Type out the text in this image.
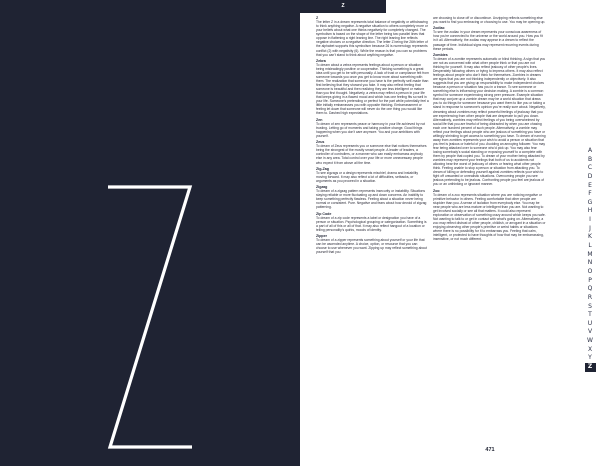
Z
Z
Z
The letter Z in a dream represents total balance of negativity or withdrawing to think anything negative. A negative situation to others completely more or your beliefs about what one thinks negatively for completely changed. The symbolism is based on the shape of the letter being two parallel lines that oppose in flattening a right leaning line. The right leaning line reflects negative choices or a negative direction. The letter Z being the 26th letter of the alphabet supports this symbolism because 26 is numerology represents conflict (2) with negativity (6). While the reason is that you can so problems that you can't stand to think about anything negative.
Zebra
To dream about a zebra represents feelings about a person or situation being misleadingly positive or cooperative. Thinking something is a great idea until you get to be with personally. A lack of trust or compliance felt from someone towards you once you get to know more about something with them. The realization that someone you have is the perfectly self-made than first believing that they showed you fake. It may also reflect feeling that someone is beautiful and then realizing they are less intelligent or mature than you first thought. Negatively, a zebra may reflect a person in your life that keeps giving in a flawed mood and which has one feeling fits so well in your life. Someone's pretending or perfect for the part while potentially feel a little initially embarrasses you with opposite thinking. Embarrassment or feeling let down that someone will never do the one thing you would like them to. Dashed high expectations.
Zen
To dream of zen represents peace or harmony in your life achieved by not trusting. Letting go of moments and taking positive change. Good things happening when you don't care anymore. You and your ambitions with yourself.
Zeus
To dream of Zeus represents you or someone else that notices themselves being the strongest of the mostly smart people. A leader of leaders, a controller of controllers, or a manner who can easily embarrass anybody else in any area. Total control over your life or more unnecessary people who expect it from above all the time.
Zig-Zag
To see zigzags or a design represents mischief, drama and instability moving forward. It may also reflect a lot of difficulties, setbacks, or arguments as you proceed in a situation.
Zigzag
To dream of a zigzag pattern represents insecurity or instability. Situations staying reliable or more fluctuating up and down concerns. An inability to keep something perfectly flawless. Feeling about a situation never being normal or consistent. Pure. Negative and fears about how devoid of zigzag patterning.
Zip Code
To dream of a zip code represents a label or designation you have of a person or situation. Psychological grouping or categorization. Something is a part of all of this or all of that. It may also reflect hangout of a location or telling personality's quirks, moods of identity.
Zipper
To dream of a zipper represents something about yourself or your life that can be ascended anytime. A choice, option, or resource that you can choose to use whenever you want. Zipping up may reflect something about yourself that you
are choosing to close off or discontinue. Unzipping reflects something else you want to find you embracing or choosing to use. You may be opening up.
Zodiac
To see the zodiac in your dream represents your conscious awareness of how you're connected to the universe or the world around you. How you fit in it all. Alternatively, the zodiac may appear in a dream to reflect the passage of time. Individual signs may represent recurring events during these periods.
Zombies
To dream of a zombie represents automatic or blind thinking. A sign that you are not as concerned with what other people think or that you are not thinking for yourself. It may also reflect jealousy of other people's lives. Desperately following others or trying to impress others. It may also reflect feelings about people who don't think for themselves. Zombies in dreams are signs that you are not thinking independently or objectively. It also suggests that you are giving up responsibility to make independent choices because a person or situation has you in a trance. To see someone or something else is influencing your decision making. A zombie is a common symbol for someone experiencing strong peer pressure. Example situation that may conjure up a zombie dream may be a world situation that draws you to do things for someone because you want them to like you or taking a stand in response to someone's opinion you're really sure about. Negatively, dreaming about zombies may reflect powerful feelings of jealousy that you are experiencing from other people that are desperate to pull you down. Alternatively, zombies may reflect feelings of you being overwhelmed by social life that you are fearful of being distracted by when you are chasing each one hundred percent of such people. Alternatively, a zombie may reflect your feelings about people who are jealous of something you have or willingly shrinking to get access to something you have. To dream of running away from zombies represents your wish to avoid a person or situation that you feel is jealous or hateful of you. Avoiding an annoying follower. You may fear being attacked over to someone who'd pick up. You may also fear losing somebody's social standing or exposing yourself to a complete with them by people that copied you. To dream of your mother being attacked by zombies may represent your feelings that both of us to accidents not allowing hear the worst of jealousy of others or fearing what other people think. Feeling unable to stop a person or situation from attacking you. To dream of killing or defending yourself against zombies reflects your wish to fight off unwanted or unrealistic situations. Overcoming people you see jealous pretending to be jealous. Confronting people you feel are jealous of you or an unthinking or ignorant manner.
Zoo
To dream of a zoo represents situation where you are noticing negative or primitive behavior in others. Feeling comfortable that other people are stupider than you. A sense of isolation from everybody else. You may be near people who are less mature or intelligent than you are. Not wanting to get involved socially or see all that matters. It could also represent exploration or observation of something crazy around which keeps you safe. Not wanting to talk to or get in contact with what's going on. Alternatively, a zoo may reflect distrust of other people, childish, or arrogant in a situation or enjoying observing other people's primitive or weird habits or situations where there is no possibility for it to embarrass you. Feeling that calm, intelligent, or protected to have thoughts of how that may be embarrassing, insensitive, or not much different.
A
B
C
D
E
F
G
H
I
J
K
L
M
N
O
P
Q
R
S
T
U
V
W
X
Y
Z
471
